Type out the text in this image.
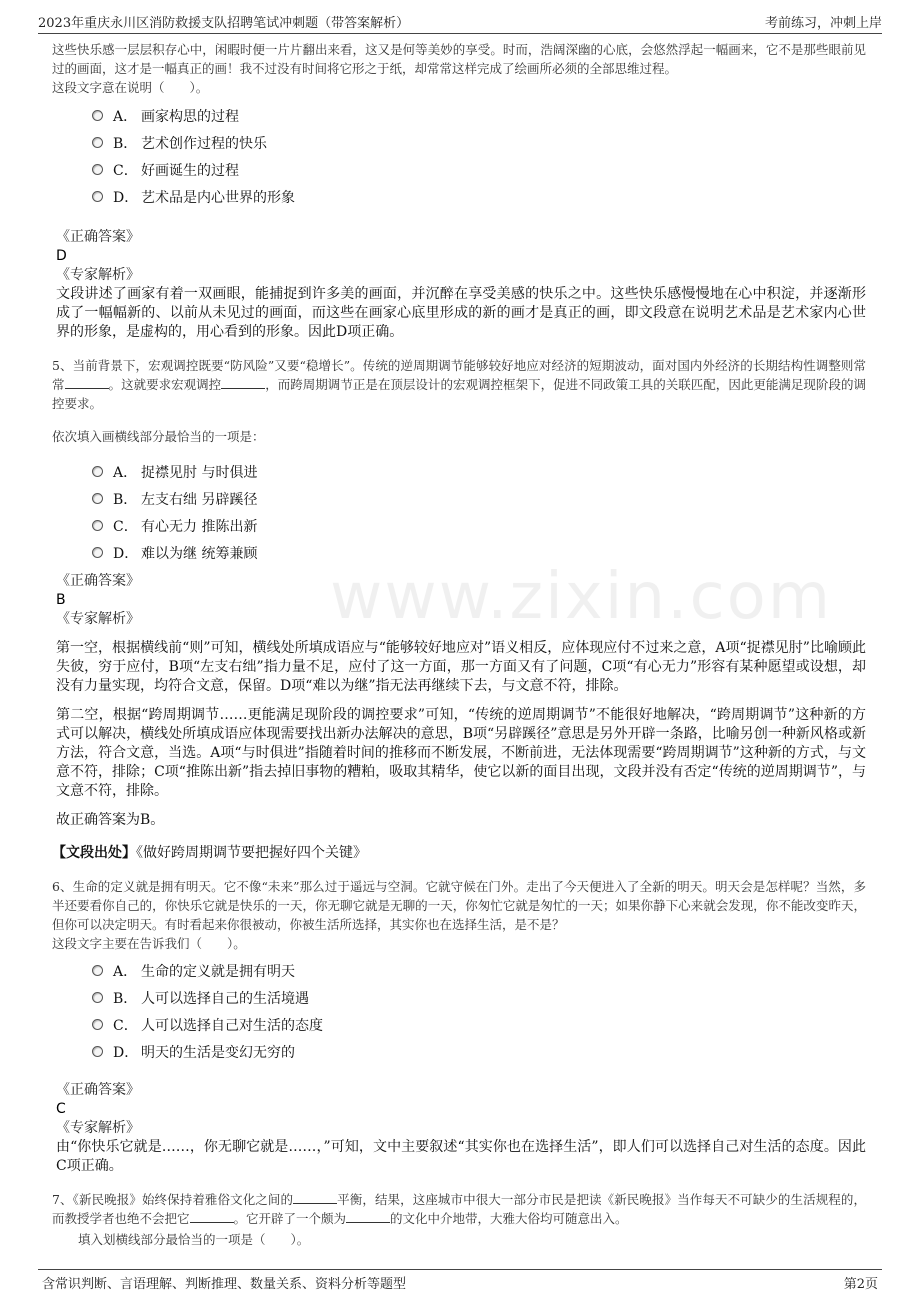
2023年重庆永川区消防救援支队招聘笔试冲刺题（带答案解析）	考前练习，冲刺上岸
www.zixin.com

这些快乐感一层层积存心中，闲暇时便一片片翻出来看，这又是何等美妙的享受。时而，浩阔深幽的心底，会悠然浮起一幅画来，它不是那些眼前见过的画面，这才是一幅真正的画！我不过没有时间将它形之于纸，却常常这样完成了绘画所必须的全部思维过程。

这段文字意在说明（　　）。

A． 画家构思的过程
B． 艺术创作过程的快乐
C． 好画诞生的过程
D． 艺术品是内心世界的形象

《正确答案》

D

《专家解析》

文段讲述了画家有着一双画眼，能捕捉到许多美的画面，并沉醉在享受美感的快乐之中。这些快乐感慢慢地在心中积淀，并逐渐形成了一幅幅新的、以前从未见过的画面，而这些在画家心底里形成的新的画才是真正的画，即文段意在说明艺术品是艺术家内心世界的形象，是虚构的，用心看到的形象。因此D项正确。

5、当前背景下，宏观调控既要“防风险”又要“稳增长”。传统的逆周期调节能够较好地应对经济的短期波动，面对国内外经济的长期结构性调整则常常	。这就要求宏观调控	，而跨周期调节正是在顶层设计的宏观调控框架下，促进不同政策工具的关联匹配，因此更能满足现阶段的调控要求。

依次填入画横线部分最恰当的一项是：

A． 捉襟见肘 与时俱进
B． 左支右绌 另辟蹊径
C． 有心无力 推陈出新
D． 难以为继 统筹兼顾

《正确答案》

B

《专家解析》

第一空，根据横线前“则”可知，横线处所填成语应与“能够较好地应对”语义相反，应体现应付不过来之意，A项“捉襟见肘”比喻顾此失彼，穷于应付，B项“左支右绌”指力量不足，应付了这一方面，那一方面又有了问题，C项“有心无力”形容有某种愿望或设想，却没有力量实现，均符合文意，保留。D项“难以为继”指无法再继续下去，与文意不符，排除。

第二空，根据“跨周期调节……更能满足现阶段的调控要求”可知，“传统的逆周期调节”不能很好地解决，“跨周期调节”这种新的方式可以解决，横线处所填成语应体现需要找出新办法解决的意思，B项“另辟蹊径”意思是另外开辟一条路，比喻另创一种新风格或新方法，符合文意，当选。A项“与时俱进”指随着时间的推移而不断发展，不断前进，无法体现需要“跨周期调节”这种新的方式，与文意不符，排除；C项“推陈出新”指去掉旧事物的糟粕，吸取其精华，使它以新的面目出现，文段并没有否定“传统的逆周期调节”，与文意不符，排除。

故正确答案为B。

【文段出处】《做好跨周期调节要把握好四个关键》

6、生命的定义就是拥有明天。它不像“未来”那么过于遥远与空洞。它就守候在门外。走出了今天便进入了全新的明天。明天会是怎样呢？当然，多半还要看你自己的，你快乐它就是快乐的一天，你无聊它就是无聊的一天，你匆忙它就是匆忙的一天；如果你静下心来就会发现，你不能改变昨天，但你可以决定明天。有时看起来你很被动，你被生活所选择，其实你也在选择生活，是不是？

这段文字主要在告诉我们（　　）。

A． 生命的定义就是拥有明天
B． 人可以选择自己的生活境遇
C． 人可以选择自己对生活的态度
D． 明天的生活是变幻无穷的

《正确答案》

C

《专家解析》

由“你快乐它就是……，你无聊它就是……，”可知，文中主要叙述“其实你也在选择生活”，即人们可以选择自己对生活的态度。因此C项正确。

7、《新民晚报》始终保持着雅俗文化之间的	平衡，结果，这座城市中很大一部分市民是把读《新民晚报》当作每天不可缺少的生活规程的，而教授学者也绝不会把它	。它开辟了一个颇为	的文化中介地带，大雅大俗均可随意出入。

填入划横线部分最恰当的一项是（　　）。

含常识判断、言语理解、判断推理、数量关系、资料分析等题型	第2页
